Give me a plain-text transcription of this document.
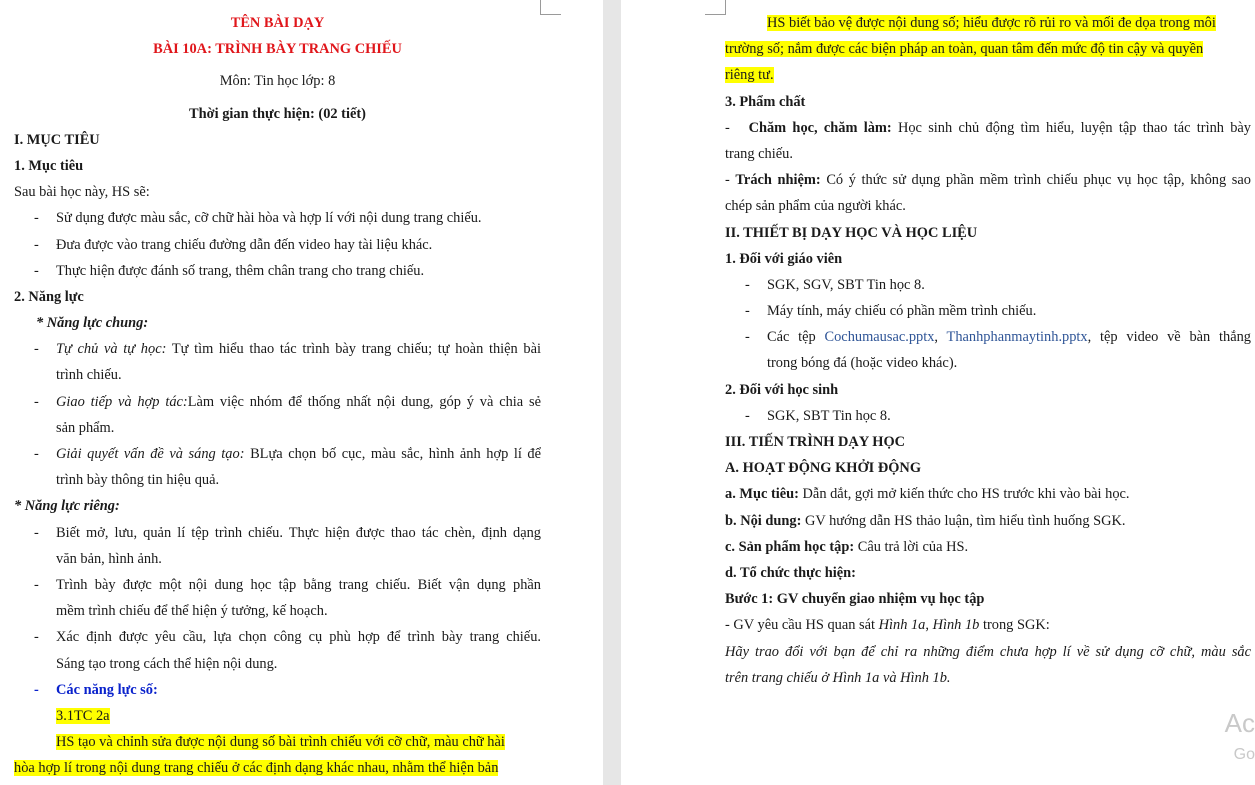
TÊN BÀI DẠY
BÀI 10A: TRÌNH BÀY TRANG CHIẾU
Môn: Tin học lớp: 8
Thời gian thực hiện: (02 tiết)
I. MỤC TIÊU
1. Mục tiêu
Sau bài học này, HS sẽ:
- Sử dụng được màu sắc, cỡ chữ hài hòa và hợp lí với nội dung trang chiếu.
- Đưa được vào trang chiếu đường dẫn đến video hay tài liệu khác.
- Thực hiện được đánh số trang, thêm chân trang cho trang chiếu.
2. Năng lực
* Năng lực chung:
- Tự chủ và tự học: Tự tìm hiểu thao tác trình bày trang chiếu; tự hoàn thiện bài
trình chiếu.
- Giao tiếp và hợp tác:Làm việc nhóm để thống nhất nội dung, góp ý và chia sẻ
sản phẩm.
- Giải quyết vấn đề và sáng tạo: BLựa chọn bố cục, màu sắc, hình ảnh hợp lí để
trình bày thông tin hiệu quả.
* Năng lực riêng:
- Biết mở, lưu, quản lí tệp trình chiếu. Thực hiện được thao tác chèn, định dạng
văn bản, hình ảnh.
- Trình bày được một nội dung học tập bằng trang chiếu. Biết vận dụng phần
mềm trình chiếu để thể hiện ý tưởng, kế hoạch.
- Xác định được yêu cầu, lựa chọn công cụ phù hợp để trình bày trang chiếu.
Sáng tạo trong cách thể hiện nội dung.
- Các năng lực số:
3.1TC 2a
HS tạo và chỉnh sửa được nội dung số bài trình chiếu với cỡ chữ, màu chữ hài
hòa hợp lí trong nội dung trang chiếu ở các định dạng khác nhau, nhằm thể hiện bản
HS biết bảo vệ được nội dung số; hiểu được rõ rủi ro và mối đe dọa trong môi
trường số; nắm được các biện pháp an toàn, quan tâm đến mức độ tin cậy và quyền
riêng tư.
3. Phẩm chất
-   Chăm học, chăm làm: Học sinh chủ động tìm hiểu, luyện tập thao tác trình bày
trang chiếu.
- Trách nhiệm: Có ý thức sử dụng phần mềm trình chiếu phục vụ học tập, không sao
chép sản phẩm của người khác.
II. THIẾT BỊ DẠY HỌC VÀ HỌC LIỆU
1. Đối với giáo viên
- SGK, SGV, SBT Tin học 8.
- Máy tính, máy chiếu có phần mềm trình chiếu.
- Các tệp Cochumausac.pptx, Thanhphanmaytinh.pptx, tệp video về bàn thắng
trong bóng đá (hoặc video khác).
2. Đối với học sinh
- SGK, SBT Tin học 8.
III. TIẾN TRÌNH DẠY HỌC
A. HOẠT ĐỘNG KHỞI ĐỘNG
a. Mục tiêu: Dẫn dắt, gợi mở kiến thức cho HS trước khi vào bài học.
b. Nội dung: GV hướng dẫn HS thảo luận, tìm hiểu tình huống SGK.
c. Sản phẩm học tập: Câu trả lời của HS.
d. Tổ chức thực hiện:
Bước 1: GV chuyển giao nhiệm vụ học tập
- GV yêu cầu HS quan sát Hình 1a, Hình 1b trong SGK:
Hãy trao đổi với bạn để chỉ ra những điểm chưa hợp lí về sử dụng cỡ chữ, màu sắc
trên trang chiếu ở Hình 1a và Hình 1b.
Ac
Go
